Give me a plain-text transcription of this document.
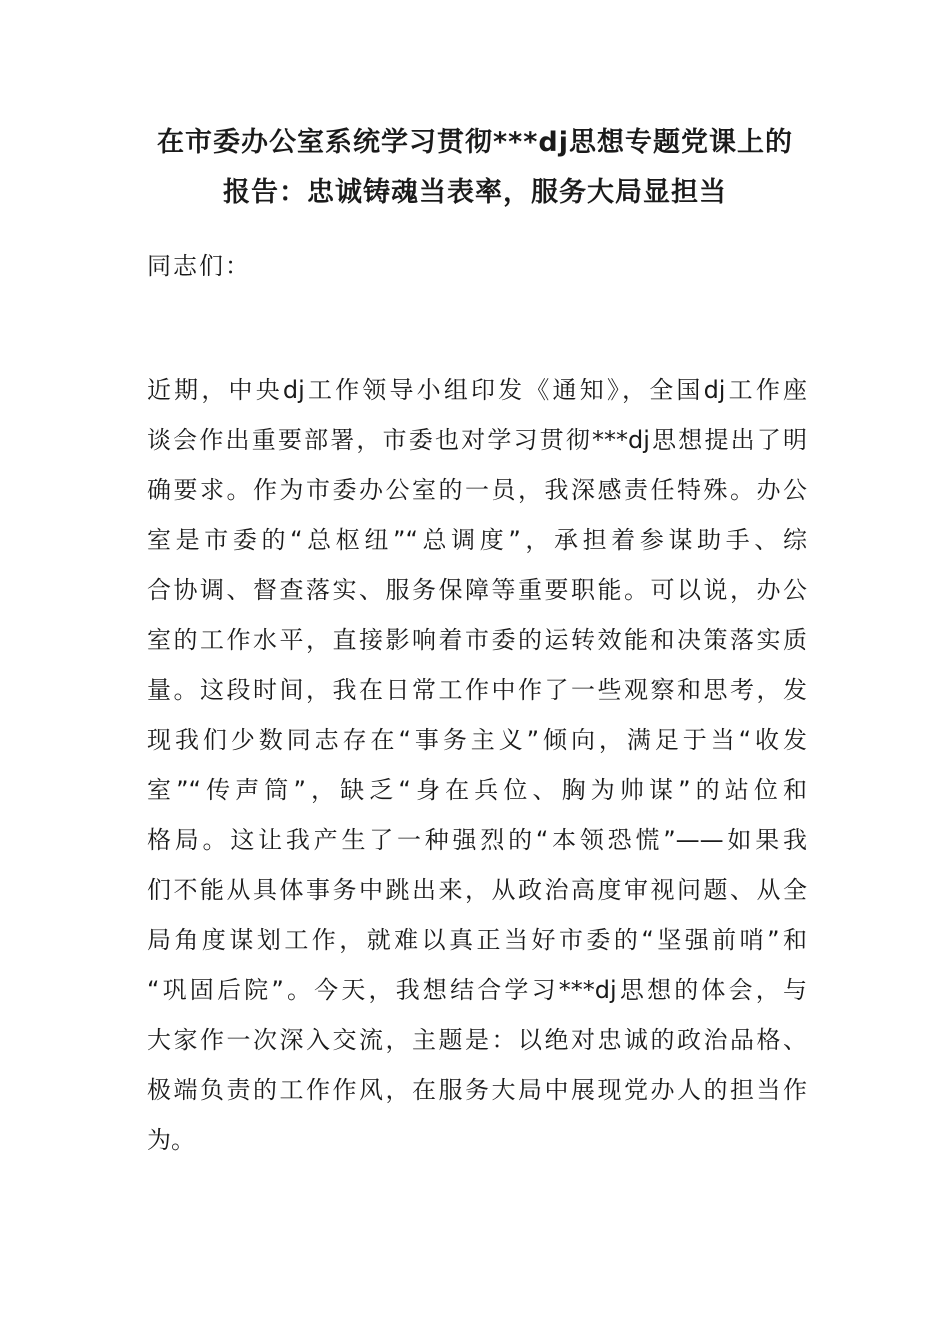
在市委办公室系统学习贯彻***dj思想专题党课上的
报告：忠诚铸魂当表率，服务大局显担当

同志们：

近期，中央dj工作领导小组印发《通知》，全国dj工作座
谈会作出重要部署，市委也对学习贯彻***dj思想提出了明
确要求。作为市委办公室的一员，我深感责任特殊。办公
室是市委的“总枢纽”“总调度”，承担着参谋助手、综
合协调、督查落实、服务保障等重要职能。可以说，办公
室的工作水平，直接影响着市委的运转效能和决策落实质
量。这段时间，我在日常工作中作了一些观察和思考，发
现我们少数同志存在“事务主义”倾向，满足于当“收发
室”“传声筒”，缺乏“身在兵位、胸为帅谋”的站位和
格局。这让我产生了一种强烈的“本领恐慌”——如果我
们不能从具体事务中跳出来，从政治高度审视问题、从全
局角度谋划工作，就难以真正当好市委的“坚强前哨”和
“巩固后院”。今天，我想结合学习***dj思想的体会，与
大家作一次深入交流，主题是：以绝对忠诚的政治品格、
极端负责的工作作风，在服务大局中展现党办人的担当作
为。
